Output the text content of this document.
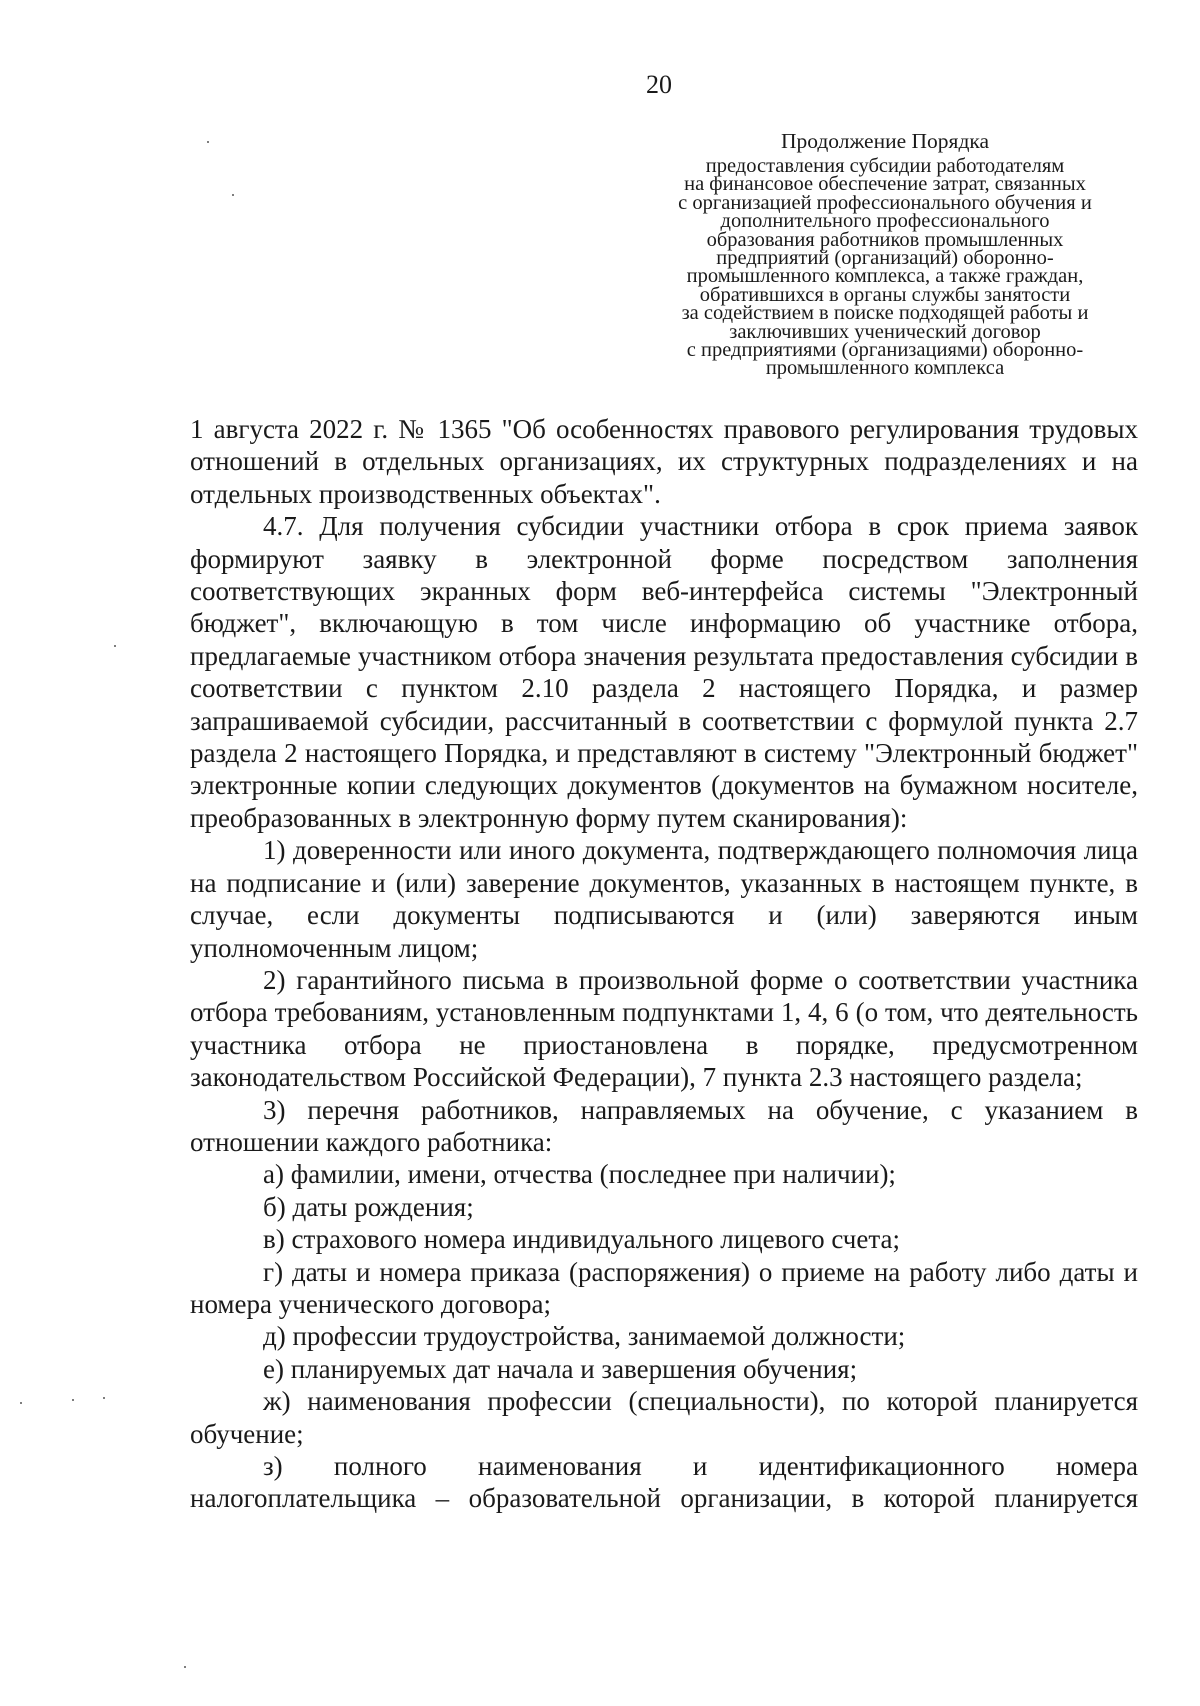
20
Продолжение Порядка
предоставления субсидии работодателям
на финансовое обеспечение затрат, связанных
с организацией профессионального обучения и
дополнительного профессионального
образования работников промышленных
предприятий (организаций) оборонно-
промышленного комплекса, а также граждан,
обратившихся в органы службы занятости
за содействием в поиске подходящей работы и
заключивших ученический договор
с предприятиями (организациями) оборонно-
промышленного комплекса

1 августа 2022 г. № 1365 "Об особенностях правового регулирования трудовых отношений в отдельных организациях, их структурных подразделениях и на отдельных производственных объектах".

4.7. Для получения субсидии участники отбора в срок приема заявок формируют заявку в электронной форме посредством заполнения соответствующих экранных форм веб-интерфейса системы "Электронный бюджет", включающую в том числе информацию об участнике отбора, предлагаемые участником отбора значения результата предоставления субсидии в соответствии с пунктом 2.10 раздела 2 настоящего Порядка, и размер запрашиваемой субсидии, рассчитанный в соответствии с формулой пункта 2.7 раздела 2 настоящего Порядка, и представляют в систему "Электронный бюджет" электронные копии следующих документов (документов на бумажном носителе, преобразованных в электронную форму путем сканирования):

1) доверенности или иного документа, подтверждающего полномочия лица на подписание и (или) заверение документов, указанных в настоящем пункте, в случае, если документы подписываются и (или) заверяются иным уполномоченным лицом;

2) гарантийного письма в произвольной форме о соответствии участника отбора требованиям, установленным подпунктами 1, 4, 6 (о том, что деятельность участника отбора не приостановлена в порядке, предусмотренном законодательством Российской Федерации), 7 пункта 2.3 настоящего раздела;

3) перечня работников, направляемых на обучение, с указанием в отношении каждого работника:

а) фамилии, имени, отчества (последнее при наличии);

б) даты рождения;

в) страхового номера индивидуального лицевого счета;

г) даты и номера приказа (распоряжения) о приеме на работу либо даты и номера ученического договора;

д) профессии трудоустройства, занимаемой должности;

е) планируемых дат начала и завершения обучения;

ж) наименования профессии (специальности), по которой планируется обучение;

з) полного наименования и идентификационного номера налогоплательщика – образовательной организации, в которой планируется
